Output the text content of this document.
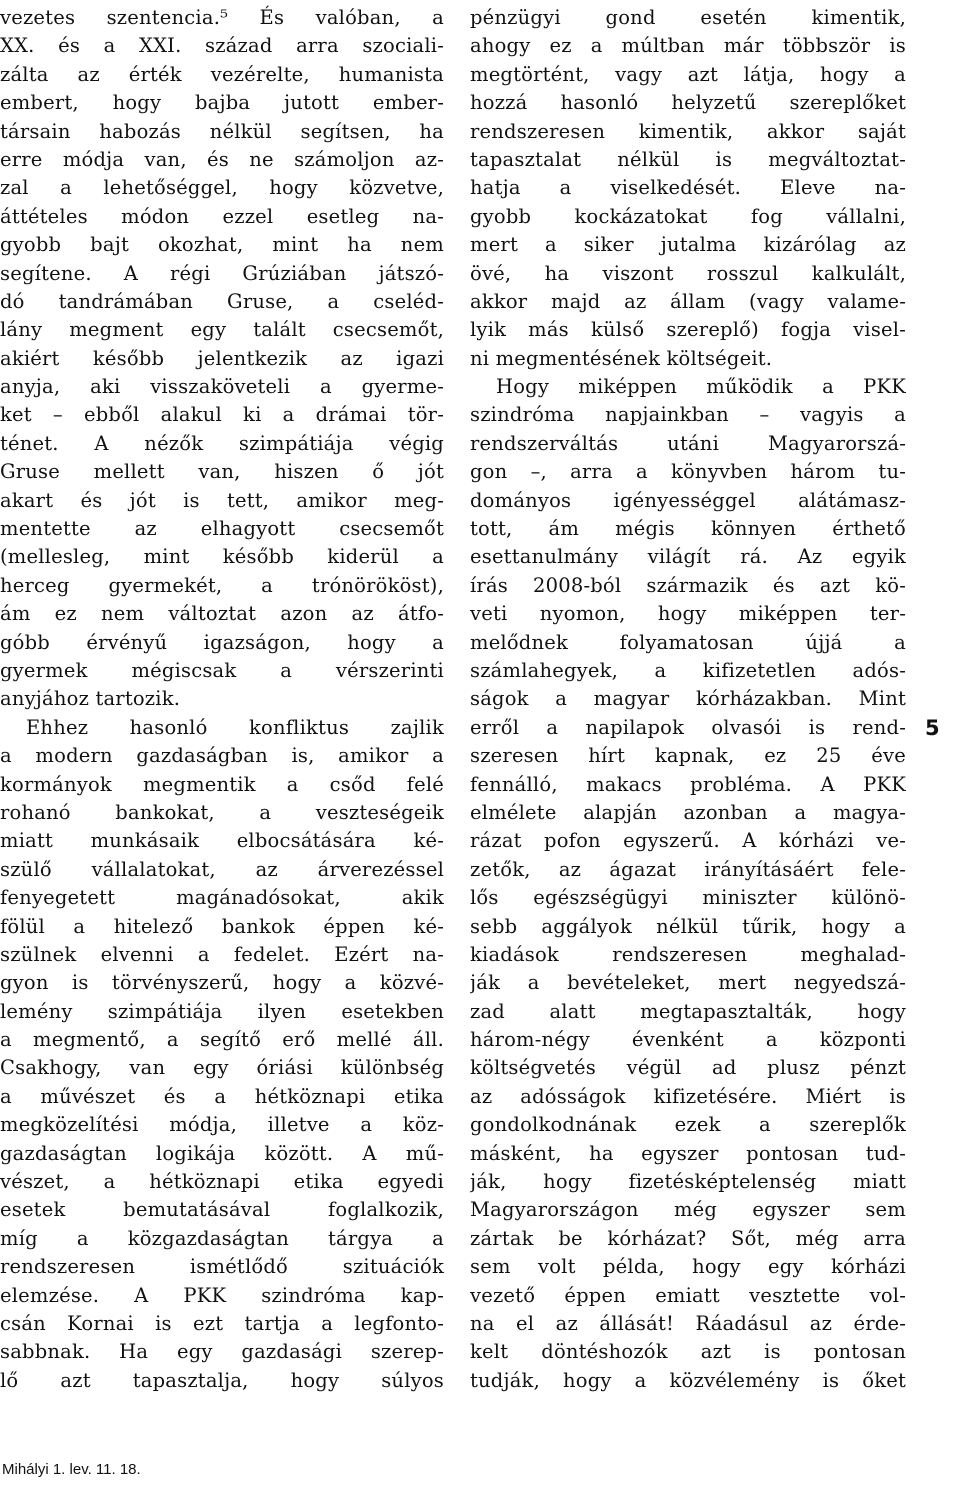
vezetes szentencia.⁵ És valóban, a
XX. és a XXI. század arra szociali-
zálta az érték vezérelte, humanista
embert, hogy bajba jutott ember-
társain habozás nélkül segítsen, ha
erre módja van, és ne számoljon az-
zal a lehetőséggel, hogy közvetve,
áttételes módon ezzel esetleg na-
gyobb bajt okozhat, mint ha nem
segítene. A régi Grúziában játszó-
dó tandrámában Gruse, a cseléd-
lány megment egy talált csecsemőt,
akiért később jelentkezik az igazi
anyja, aki visszaköveteli a gyerme-
ket – ebből alakul ki a drámai tör-
ténet. A nézők szimpátiája végig
Gruse mellett van, hiszen ő jót
akart és jót is tett, amikor meg-
mentette az elhagyott csecsemőt
(mellesleg, mint később kiderül a
herceg gyermekét, a trónörököst),
ám ez nem változtat azon az átfo-
góbb érvényű igazságon, hogy a
gyermek mégiscsak a vérszerinti
anyjához tartozik.
Ehhez hasonló konfliktus zajlik
a modern gazdaságban is, amikor a
kormányok megmentik a csőd felé
rohanó bankokat, a veszteségeik
miatt munkásaik elbocsátására ké-
szülő vállalatokat, az árverezéssel
fenyegetett magánadósokat, akik
fölül a hitelező bankok éppen ké-
szülnek elvenni a fedelet. Ezért na-
gyon is törvényszerű, hogy a közvé-
lemény szimpátiája ilyen esetekben
a megmentő, a segítő erő mellé áll.
Csakhogy, van egy óriási különbség
a művészet és a hétköznapi etika
megközelítési módja, illetve a köz-
gazdaságtan logikája között. A mű-
vészet, a hétköznapi etika egyedi
esetek bemutatásával foglalkozik,
míg a közgazdaságtan tárgya a
rendszeresen ismétlődő szituációk
elemzése. A PKK szindróma kap-
csán Kornai is ezt tartja a legfonto-
sabbnak. Ha egy gazdasági szerep-
lő azt tapasztalja, hogy súlyos
pénzügyi gond esetén kimentik,
ahogy ez a múltban már többször is
megtörtént, vagy azt látja, hogy a
hozzá hasonló helyzetű szereplőket
rendszeresen kimentik, akkor saját
tapasztalat nélkül is megváltoztat-
hatja a viselkedését. Eleve na-
gyobb kockázatokat fog vállalni,
mert a siker jutalma kizárólag az
övé, ha viszont rosszul kalkulált,
akkor majd az állam (vagy valame-
lyik más külső szereplő) fogja visel-
ni megmentésének költségeit.
Hogy miképpen működik a PKK
szindróma napjainkban – vagyis a
rendszerváltás utáni Magyarorszá-
gon –, arra a könyvben három tu-
dományos igényességgel alátámasz-
tott, ám mégis könnyen érthető
esettanulmány világít rá. Az egyik
írás 2008-ból származik és azt kö-
veti nyomon, hogy miképpen ter-
melődnek folyamatosan újjá a
számlahegyek, a kifizetetlen adós-
ságok a magyar kórházakban. Mint
erről a napilapok olvasói is rend-
szeresen hírt kapnak, ez 25 éve
fennálló, makacs probléma. A PKK
elmélete alapján azonban a magya-
rázat pofon egyszerű. A kórházi ve-
zetők, az ágazat irányításáért fele-
lős egészségügyi miniszter különö-
sebb aggályok nélkül tűrik, hogy a
kiadások rendszeresen meghalad-
ják a bevételeket, mert negyedszá-
zad alatt megtapasztalták, hogy
három-négy évenként a központi
költségvetés végül ad plusz pénzt
az adósságok kifizetésére. Miért is
gondolkodnának ezek a szereplők
másként, ha egyszer pontosan tud-
ják, hogy fizetésképtelenség miatt
Magyarországon még egyszer sem
zártak be kórházat? Sőt, még arra
sem volt példa, hogy egy kórházi
vezető éppen emiatt vesztette vol-
na el az állását! Ráadásul az érde-
kelt döntéshozók azt is pontosan
tudják, hogy a közvélemény is őket
5
Mihályi 1. lev. 11. 18.
